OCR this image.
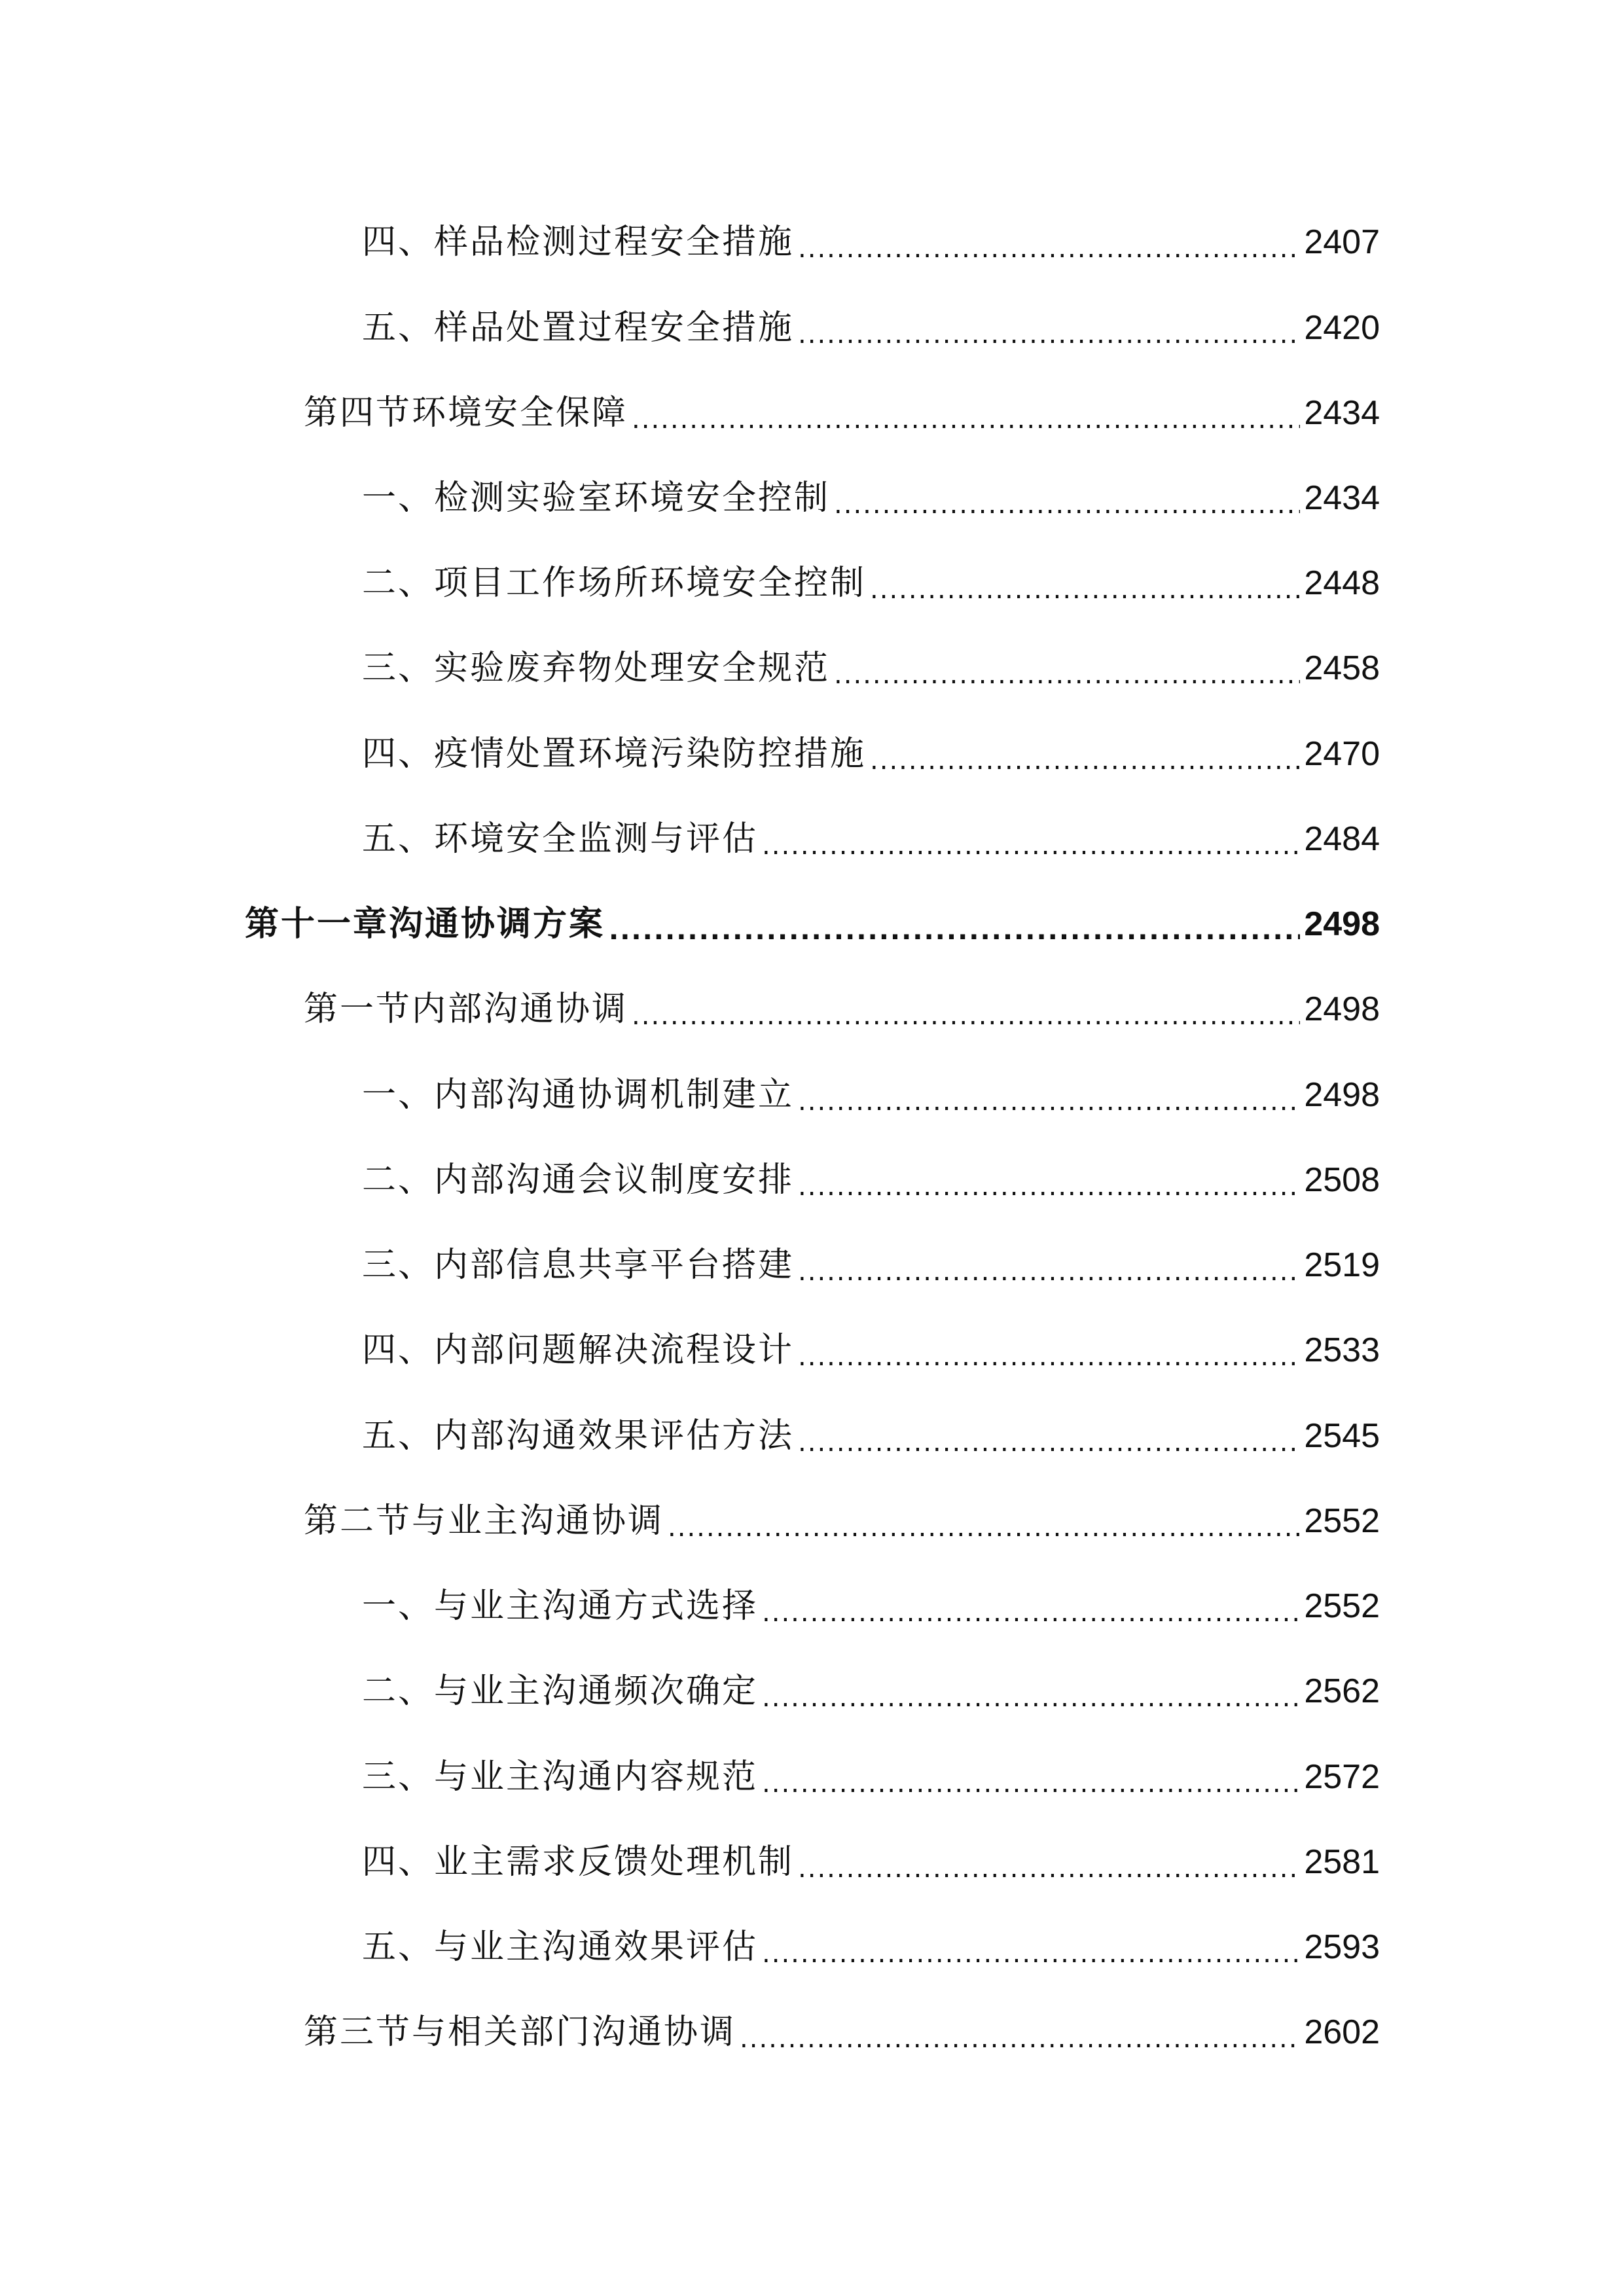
四、样品检测过程安全措施 .....	2407
五、样品处置过程安全措施 .....	2420
第四节环境安全保障 .....	2434
一、检测实验室环境安全控制 .....	2434
二、项目工作场所环境安全控制 .....	2448
三、实验废弃物处理安全规范 .....	2458
四、疫情处置环境污染防控措施 .....	2470
五、环境安全监测与评估 .....	2484
第十一章沟通协调方案 .....	2498
第一节内部沟通协调 .....	2498
一、内部沟通协调机制建立 .....	2498
二、内部沟通会议制度安排 .....	2508
三、内部信息共享平台搭建 .....	2519
四、内部问题解决流程设计 .....	2533
五、内部沟通效果评估方法 .....	2545
第二节与业主沟通协调 .....	2552
一、与业主沟通方式选择 .....	2552
二、与业主沟通频次确定 .....	2562
三、与业主沟通内容规范 .....	2572
四、业主需求反馈处理机制 .....	2581
五、与业主沟通效果评估 .....	2593
第三节与相关部门沟通协调 .....	2602
